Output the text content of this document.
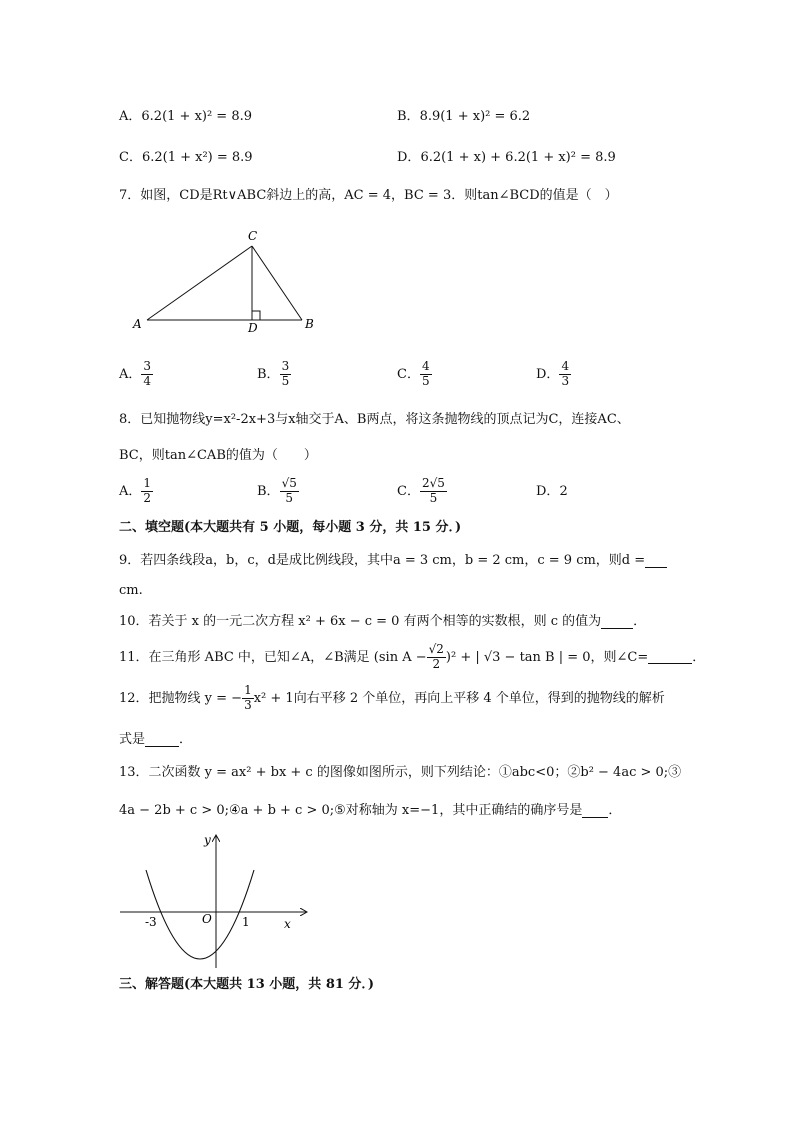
A．6.2(1 + x)² = 8.9	B．8.9(1 + x)² = 6.2
C．6.2(1 + x²) = 8.9	D．6.2(1 + x) + 6.2(1 + x)² = 8.9
7．如图，CD是Rt∨ABC斜边上的高，AC = 4，BC = 3．则tan∠BCD的值是（　）
C
A	B
D
A． $\frac{3}{4}$	B． $\frac{3}{5}$	C． $\frac{4}{5}$	D． $\frac{4}{3}$
8．已知抛物线y=x²-2x+3与x轴交于A、B两点，将这条抛物线的顶点记为C，连接AC、
BC，则tan∠CAB的值为（　　）
A． $\frac{1}{2}$	B． $\frac{√5}{5}$	C． $\frac{2√5}{5}$	D．2
二、填空题(本大题共有 5 小题，每小题 3 分，共 15 分．)
9．若四条线段a，b，c，d是成比例线段，其中a = 3 cm，b = 2 cm，c = 9 cm，则d =
cm.
10．若关于 x 的一元二次方程 x² + 6x − c = 0 有两个相等的实数根，则 c 的值为 ．
11．在三角形 ABC 中，已知∠A，∠B满足 (sin $A - \frac{√2}{2} )^2$ + | √3 − tan B | = 0，则∠C=	．
12．把抛物线 y = − $\frac{1}{3} x^2 + 1$向右平移 2 个单位，再向上平移 4 个单位，得到的抛物线的解析
式是	．
13．二次函数 y = ax² + bx + c 的图像如图所示，则下列结论：①abc<0；②b² − 4ac > 0;③
4a − 2b + c > 0;④a + b + c > 0;⑤对称轴为 x=−1，其中正确结的确序号是 ．
y
x
O
-3	1
三、解答题(本大题共 13 小题，共 81 分．)
